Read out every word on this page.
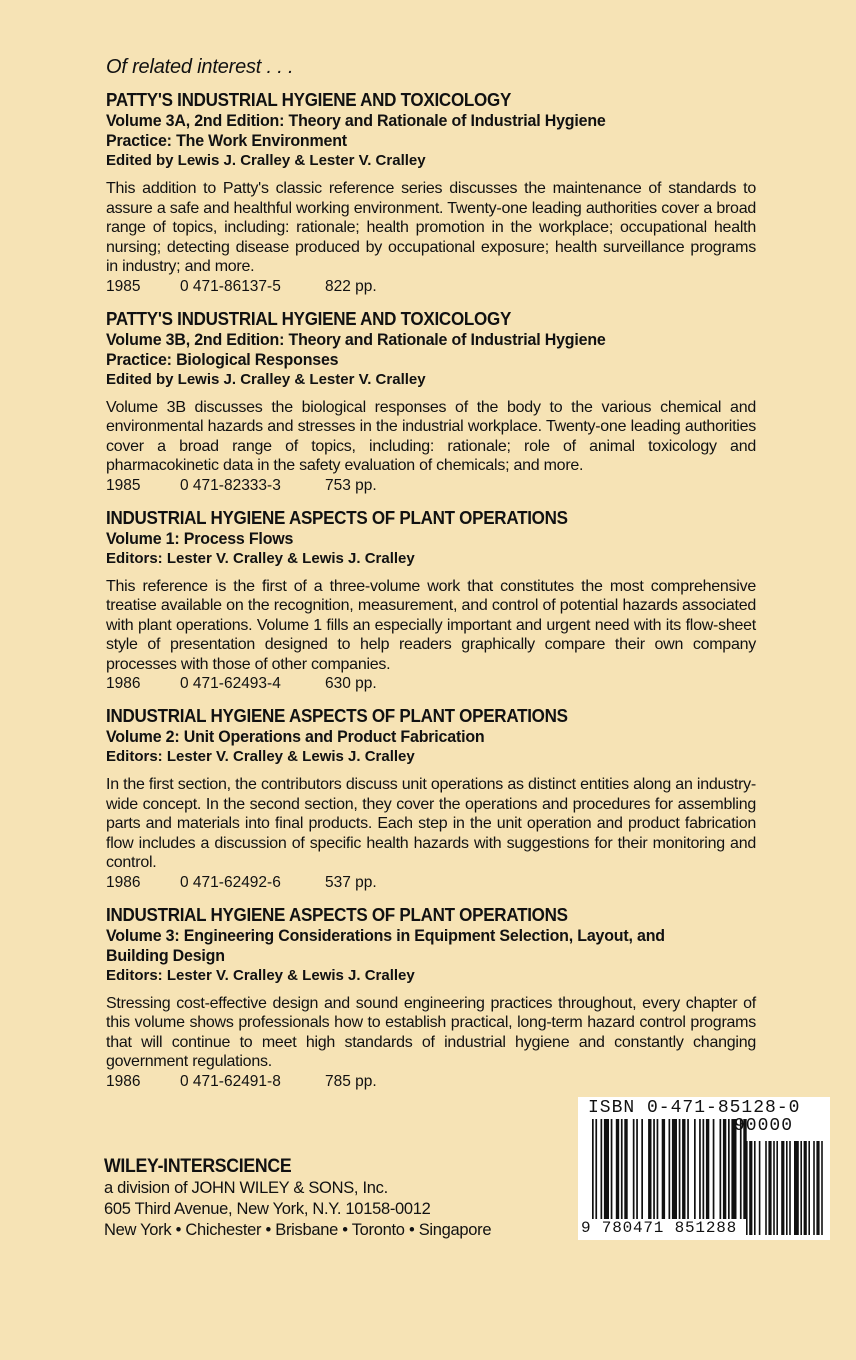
Of related interest . . .
PATTY'S INDUSTRIAL HYGIENE AND TOXICOLOGY
Volume 3A, 2nd Edition: Theory and Rationale of Industrial Hygiene
Practice: The Work Environment
Edited by Lewis J. Cralley & Lester V. Cralley
This addition to Patty's classic reference series discusses the maintenance of standards to assure a safe and healthful working environment. Twenty-one leading authorities cover a broad range of topics, including: rationale; health promotion in the workplace; occupational health nursing; detecting disease produced by occupational exposure; health surveillance programs in industry; and more.
1985	0 471-86137-5	822 pp.
PATTY'S INDUSTRIAL HYGIENE AND TOXICOLOGY
Volume 3B, 2nd Edition: Theory and Rationale of Industrial Hygiene
Practice: Biological Responses
Edited by Lewis J. Cralley & Lester V. Cralley
Volume 3B discusses the biological responses of the body to the various chemical and environmental hazards and stresses in the industrial workplace. Twenty-one leading authorities cover a broad range of topics, including: rationale; role of animal toxicology and pharmacokinetic data in the safety evaluation of chemicals; and more.
1985	0 471-82333-3	753 pp.
INDUSTRIAL HYGIENE ASPECTS OF PLANT OPERATIONS
Volume 1: Process Flows
Editors: Lester V. Cralley & Lewis J. Cralley
This reference is the first of a three-volume work that constitutes the most comprehensive treatise available on the recognition, measurement, and control of potential hazards associated with plant operations. Volume 1 fills an especially important and urgent need with its flow-sheet style of presentation designed to help readers graphically compare their own company processes with those of other companies.
1986	0 471-62493-4	630 pp.
INDUSTRIAL HYGIENE ASPECTS OF PLANT OPERATIONS
Volume 2: Unit Operations and Product Fabrication
Editors: Lester V. Cralley & Lewis J. Cralley
In the first section, the contributors discuss unit operations as distinct entities along an industry-wide concept. In the second section, they cover the operations and procedures for assembling parts and materials into final products. Each step in the unit operation and product fabrication flow includes a discussion of specific health hazards with suggestions for their monitoring and control.
1986	0 471-62492-6	537 pp.
INDUSTRIAL HYGIENE ASPECTS OF PLANT OPERATIONS
Volume 3: Engineering Considerations in Equipment Selection, Layout, and
Building Design
Editors: Lester V. Cralley & Lewis J. Cralley
Stressing cost-effective design and sound engineering practices throughout, every chapter of this volume shows professionals how to establish practical, long-term hazard control programs that will continue to meet high standards of industrial hygiene and constantly changing government regulations.
1986	0 471-62491-8	785 pp.
WILEY-INTERSCIENCE
a division of JOHN WILEY & SONS, Inc.
605 Third Avenue, New York, N.Y. 10158-0012
New York • Chichester • Brisbane • Toronto • Singapore
ISBN 0-471-85128-0
90000
9 780471 851288
